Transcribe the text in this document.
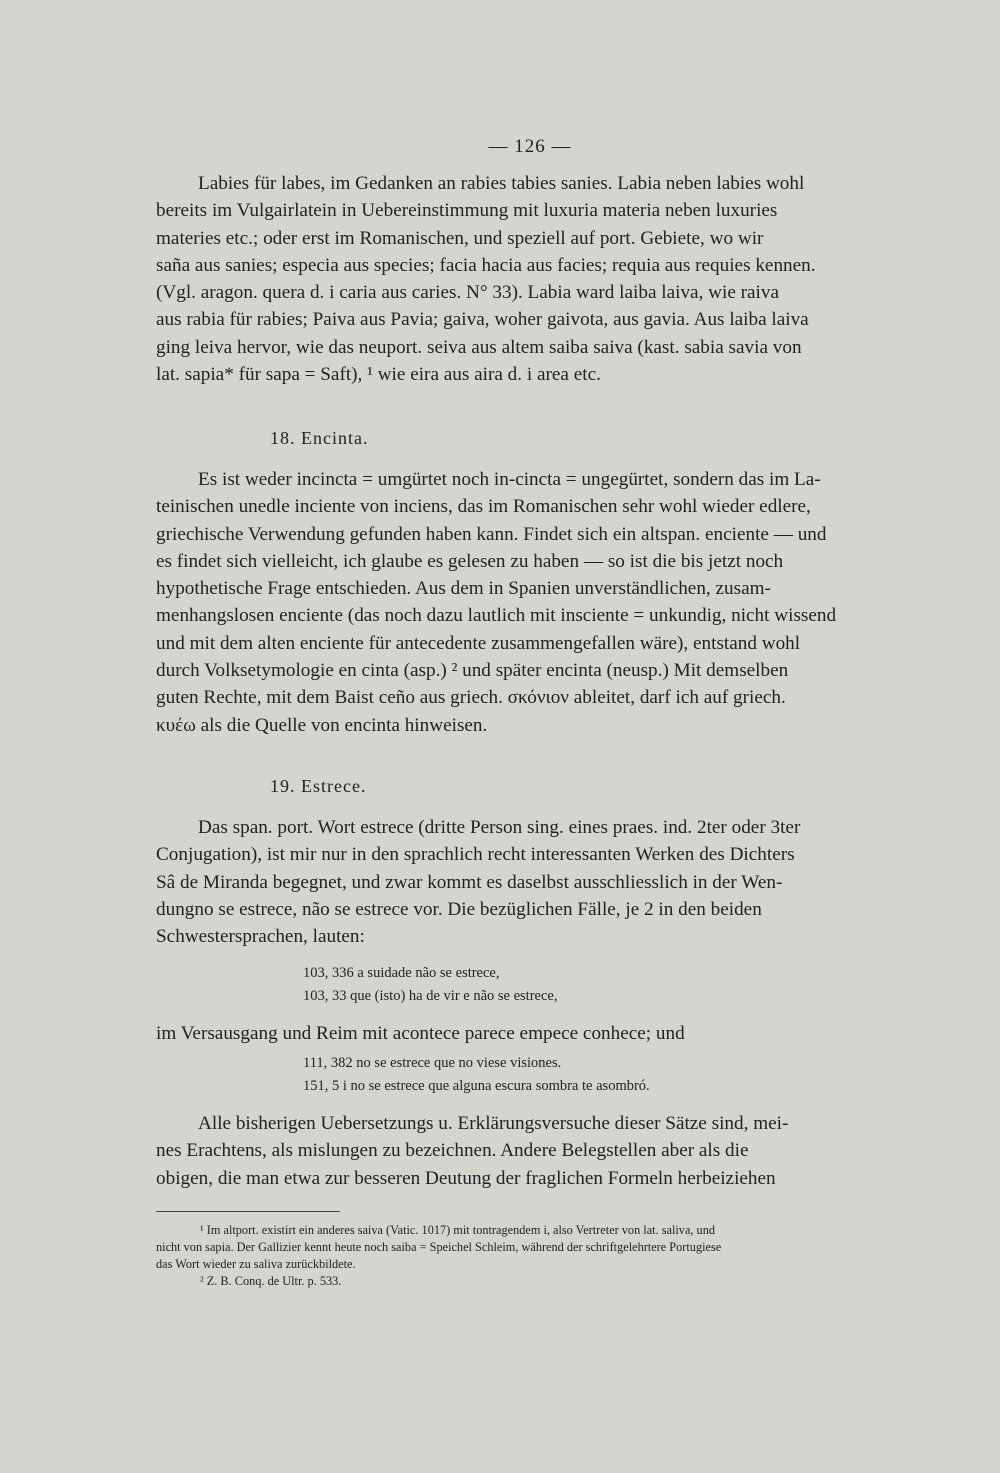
— 126 —

Labies für labes, im Gedanken an rabies tabies sanies. Labia neben labies wohl

bereits im Vulgairlatein in Uebereinstimmung mit luxuria materia neben luxuries

materies etc.; oder erst im Romanischen, und speziell auf port. Gebiete, wo wir

saña aus sanies; especia aus species; facia hacia aus facies; requia aus requies kennen.

(Vgl. aragon. quera d. i caria aus caries. N° 33). Labia ward laiba laiva, wie raiva

aus rabia für rabies; Paiva aus Pavia; gaiva, woher gaivota, aus gavia. Aus laiba laiva

ging leiva hervor, wie das neuport. seiva aus altem saiba saiva (kast. sabia savia von

lat. sapia* für sapa = Saft), ¹ wie eira aus aira d. i area etc.

18. Encinta.

Es ist weder incincta = umgürtet noch in-cincta = ungegürtet, sondern das im La-

teinischen unedle inciente von inciens, das im Romanischen sehr wohl wieder edlere,

griechische Verwendung gefunden haben kann. Findet sich ein altspan. enciente — und

es findet sich vielleicht, ich glaube es gelesen zu haben — so ist die bis jetzt noch

hypothetische Frage entschieden. Aus dem in Spanien unverständlichen, zusam-

menhangslosen enciente (das noch dazu lautlich mit insciente = unkundig, nicht wissend

und mit dem alten enciente für antecedente zusammengefallen wäre), entstand wohl

durch Volksetymologie en cinta (asp.) ² und später encinta (neusp.) Mit demselben

guten Rechte, mit dem Baist ceño aus griech. σκόνιον ableitet, darf ich auf griech.

κυέω als die Quelle von encinta hinweisen.

19. Estrece.

Das span. port. Wort estrece (dritte Person sing. eines praes. ind. 2ter oder 3ter

Conjugation), ist mir nur in den sprachlich recht interessanten Werken des Dichters

Sâ de Miranda begegnet, und zwar kommt es daselbst ausschliesslich in der Wen-

dungno se estrece, não se estrece vor. Die bezüglichen Fälle, je 2 in den beiden

Schwestersprachen, lauten:

103, 336 a suidade não se estrece,
103, 33 que (isto) ha de vir e não se estrece,

im Versausgang und Reim mit acontece parece empece conhece; und

111, 382 no se estrece que no viese visiones.
151, 5 i no se estrece que alguna escura sombra te asombró.

Alle bisherigen Uebersetzungs u. Erklärungsversuche dieser Sätze sind, mei-

nes Erachtens, als mislungen zu bezeichnen. Andere Belegstellen aber als die

obigen, die man etwa zur besseren Deutung der fraglichen Formeln herbeiziehen

¹ Im altport. existirt ein anderes saiva (Vatic. 1017) mit tontragendem i, also Vertreter von lat. saliva, und

nicht von sapia. Der Gallizier kennt heute noch saiba = Speichel Schleim, während der schriftgelehrtere Portugiese

das Wort wieder zu saliva zurückbildete.

² Z. B. Conq. de Ultr. p. 533.
